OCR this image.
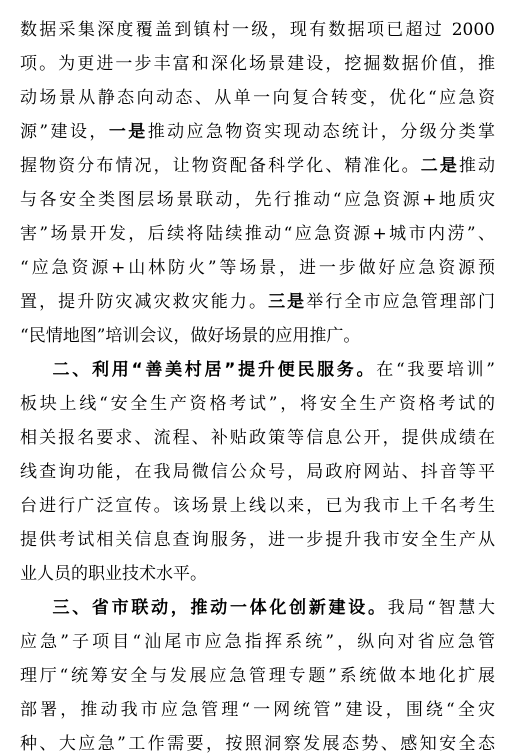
数据采集深度覆盖到镇村一级，现有数据项已超过 2000
项。为更进一步丰富和深化场景建设，挖掘数据价值，推
动场景从静态向动态、从单一向复合转变，优化“应急资
源”建设，一是推动应急物资实现动态统计，分级分类掌
握物资分布情况，让物资配备科学化、精准化。二是推动
与各安全类图层场景联动，先行推动“应急资源+地质灾
害”场景开发，后续将陆续推动“应急资源+城市内涝”、
“应急资源+山林防火”等场景，进一步做好应急资源预
置，提升防灾减灾救灾能力。三是举行全市应急管理部门
“民情地图”培训会议，做好场景的应用推广。
二、利用“善美村居”提升便民服务。在“我要培训”
板块上线“安全生产资格考试”，将安全生产资格考试的
相关报名要求、流程、补贴政策等信息公开，提供成绩在
线查询功能，在我局微信公众号，局政府网站、抖音等平
台进行广泛宣传。该场景上线以来，已为我市上千名考生
提供考试相关信息查询服务，进一步提升我市安全生产从
业人员的职业技术水平。
三、省市联动，推动一体化创新建设。我局“智慧大
应急”子项目“汕尾市应急指挥系统”，纵向对省应急管
理厅“统筹安全与发展应急管理专题”系统做本地化扩展
部署，推动我市应急管理“一网统管”建设，围绕“全灾
种、大应急”工作需要，按照洞察发展态势、感知安全态
